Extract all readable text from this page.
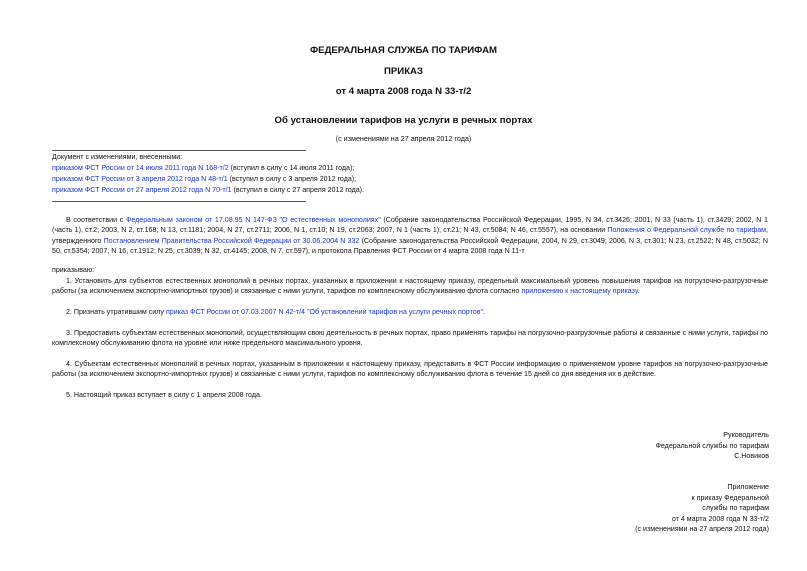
ФЕДЕРАЛЬНАЯ СЛУЖБА ПО ТАРИФАМ
ПРИКАЗ
от 4 марта 2008 года N 33-т/2
Об установлении тарифов на услуги в речных портах
(с изменениями на 27 апреля 2012 года)
Документ с изменениями, внесенными:
приказом ФСТ России от 14 июля 2011 года N 168-т/2 (вступил в силу с 14 июля 2011 года);
приказом ФСТ России от 3 апреля 2012 года N 48-т/1 (вступил в силу с 3 апреля 2012 года);
приказом ФСТ России от 27 апреля 2012 года N 70-т/1 (вступил в силу с 27 апреля 2012 года).
В соответствии с Федеральным законом от 17.08.95 N 147-ФЗ "О естественных монополиях" (Собрание законодательства Российской Федерации, 1995, N 34, ст.3426; 2001, N 33 (часть 1), ст.3429; 2002, N 1 (часть 1), ст.2; 2003, N 2, ст.168; N 13, ст.1181; 2004, N 27, ст.2711; 2006, N 1, ст.10; N 19, ст.2063; 2007, N 1 (часть 1), ст.21; N 43, ст.5084; N 46, ст.5557), на основании Положения о Федеральной службе по тарифам, утвержденного Постановлением Правительства Российской Федерации от 30.06.2004 N 332 (Собрание законодательства Российской Федерации, 2004, N 29, ст.3049; 2006, N 3, ст.301; N 23, ст.2522; N 48, ст.5032; N 50, ст.5354; 2007, N 16, ст.1912; N 25, ст.3039; N 32, ст.4145; 2008, N 7, ст.597), и протокола Правления ФСТ России от 4 марта 2008 года N 11-т
приказываю:
1. Установить для субъектов естественных монополий в речных портах, указанных в приложении к настоящему приказу, предельный максимальный уровень повышения тарифов на погрузочно-разгрузочные работы (за исключением экспортно-импортных грузов) и связанные с ними услуги, тарифов по комплексному обслуживанию флота согласно приложению к настоящему приказу.
2. Признать утратившим силу приказ ФСТ России от 07.03.2007 N 42-т/4 "Об установлении тарифов на услуги речных портов".
3. Предоставить субъектам естественных монополий, осуществляющим свою деятельность в речных портах, право применять тарифы на погрузочно-разгрузочные работы и связанные с ними услуги, тарифы по комплексному обслуживанию флота на уровне или ниже предельного максимального уровня.
4. Субъектам естественных монополий в речных портах, указанным в приложении к настоящему приказу, представить в ФСТ России информацию о применяемом уровне тарифов на погрузочно-разгрузочные работы (за исключением экспортно-импортных грузов) и связанные с ними услуги, тарифов по комплексному обслуживанию флота в течение 15 дней со дня введения их в действие.
5. Настоящий приказ вступает в силу с 1 апреля 2008 года.
Руководитель
Федеральной службы по тарифам
С.Новиков
Приложение
к приказу Федеральной
службы по тарифам
от 4 марта 2008 года N 33-т/2
(с изменениями на 27 апреля 2012 года)
